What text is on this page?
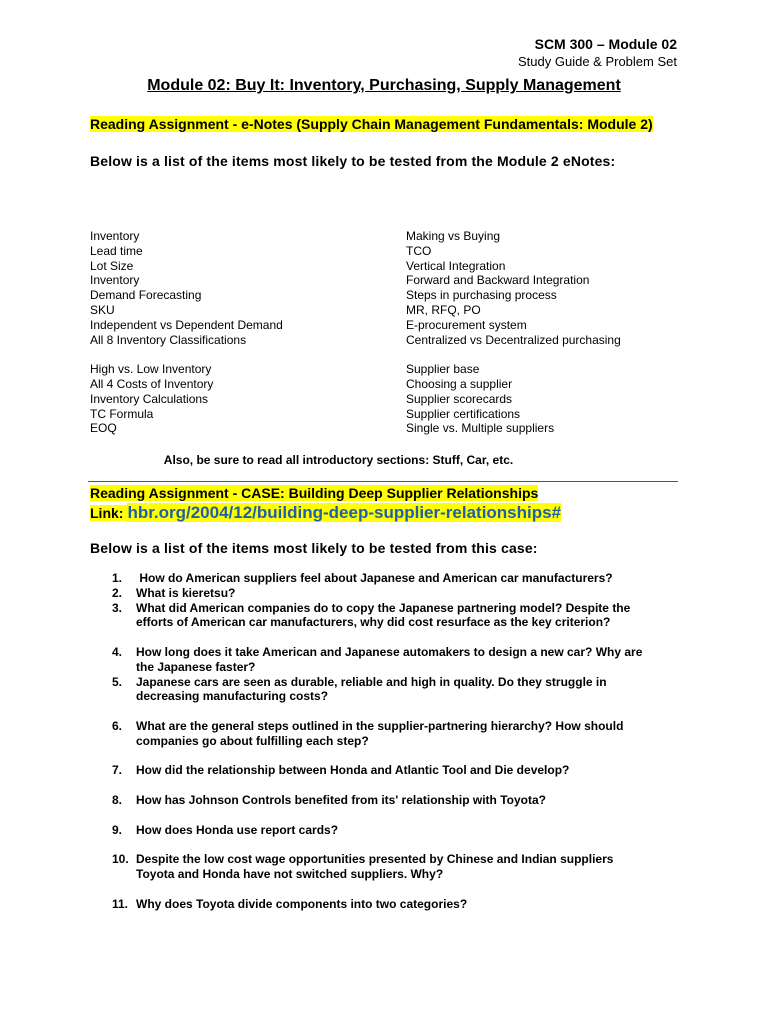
SCM 300 – Module 02
Study Guide & Problem Set
Module 02: Buy It: Inventory, Purchasing, Supply Management
Reading Assignment - e-Notes (Supply Chain Management Fundamentals: Module 2)
Below is a list of the items most likely to be tested from the Module 2 eNotes:
Inventory
Lead time
Lot Size
Inventory
Demand Forecasting
SKU
Independent vs Dependent Demand
All 8 Inventory Classifications
High vs. Low Inventory
All 4 Costs of Inventory
Inventory Calculations
TC Formula
EOQ
Making vs Buying
TCO
Vertical Integration
Forward and Backward Integration
Steps in purchasing process
MR, RFQ, PO
E-procurement system
Centralized vs Decentralized purchasing
Supplier base
Choosing a supplier
Supplier scorecards
Supplier certifications
Single vs. Multiple suppliers
Also, be sure to read all introductory sections: Stuff, Car, etc.
Reading Assignment - CASE: Building Deep Supplier Relationships
Link: hbr.org/2004/12/building-deep-supplier-relationships#
Below is a list of the items most likely to be tested from this case:
1. How do American suppliers feel about Japanese and American car manufacturers?
2. What is kieretsu?
3. What did American companies do to copy the Japanese partnering model? Despite the efforts of American car manufacturers, why did cost resurface as the key criterion?
4. How long does it take American and Japanese automakers to design a new car? Why are the Japanese faster?
5. Japanese cars are seen as durable, reliable and high in quality. Do they struggle in decreasing manufacturing costs?
6. What are the general steps outlined in the supplier-partnering hierarchy? How should companies go about fulfilling each step?
7. How did the relationship between Honda and Atlantic Tool and Die develop?
8. How has Johnson Controls benefited from its' relationship with Toyota?
9. How does Honda use report cards?
10. Despite the low cost wage opportunities presented by Chinese and Indian suppliers Toyota and Honda have not switched suppliers. Why?
11. Why does Toyota divide components into two categories?
